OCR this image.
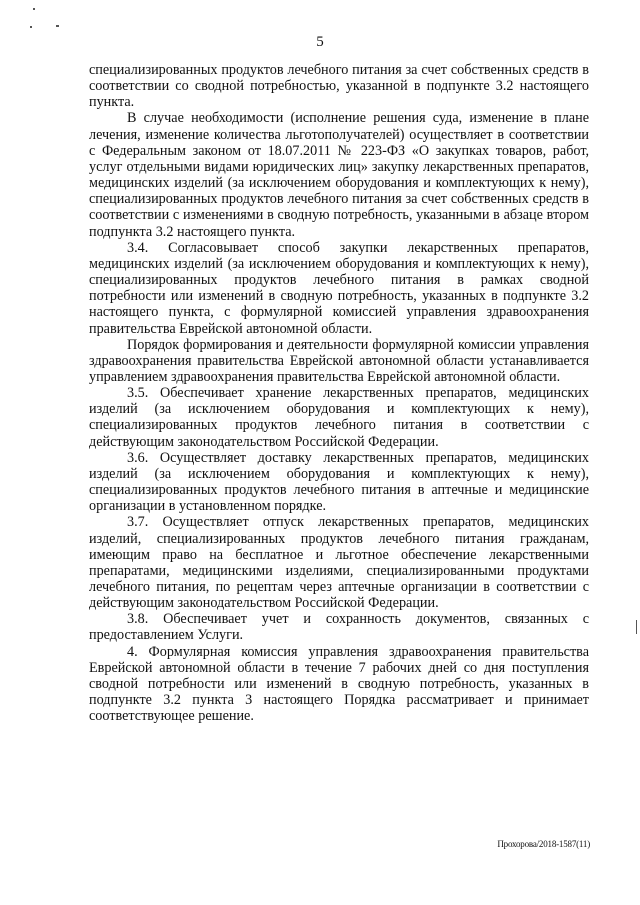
5

специализированных продуктов лечебного питания за счет собственных средств в соответствии со сводной потребностью, указанной в подпункте 3.2 настоящего пункта.

В случае необходимости (исполнение решения суда, изменение в плане лечения, изменение количества льготополучателей) осуществляет в соответствии с Федеральным законом от 18.07.2011 № 223-ФЗ «О закупках товаров, работ, услуг отдельными видами юридических лиц» закупку лекарственных препаратов, медицинских изделий (за исключением оборудования и комплектующих к нему), специализированных продуктов лечебного питания за счет собственных средств в соответствии с изменениями в сводную потребность, указанными в абзаце втором подпункта 3.2 настоящего пункта.

3.4. Согласовывает способ закупки лекарственных препаратов, медицинских изделий (за исключением оборудования и комплектующих к нему), специализированных продуктов лечебного питания в рамках сводной потребности или изменений в сводную потребность, указанных в подпункте 3.2 настоящего пункта, с формулярной комиссией управления здравоохранения правительства Еврейской автономной области.

Порядок формирования и деятельности формулярной комиссии управления здравоохранения правительства Еврейской автономной области устанавливается управлением здравоохранения правительства Еврейской автономной области.

3.5. Обеспечивает хранение лекарственных препаратов, медицинских изделий (за исключением оборудования и комплектующих к нему), специализированных продуктов лечебного питания в соответствии с действующим законодательством Российской Федерации.

3.6. Осуществляет доставку лекарственных препаратов, медицинских изделий (за исключением оборудования и комплектующих к нему), специализированных продуктов лечебного питания в аптечные и медицинские организации в установленном порядке.

3.7. Осуществляет отпуск лекарственных препаратов, медицинских изделий, специализированных продуктов лечебного питания гражданам, имеющим право на бесплатное и льготное обеспечение лекарственными препаратами, медицинскими изделиями, специализированными продуктами лечебного питания, по рецептам через аптечные организации в соответствии с действующим законодательством Российской Федерации.

3.8. Обеспечивает учет и сохранность документов, связанных с предоставлением Услуги.

4. Формулярная комиссия управления здравоохранения правительства Еврейской автономной области в течение 7 рабочих дней со дня поступления сводной потребности или изменений в сводную потребность, указанных в подпункте 3.2 пункта 3 настоящего Порядка рассматривает и принимает соответствующее решение.

Прохорова/2018-1587(11)
